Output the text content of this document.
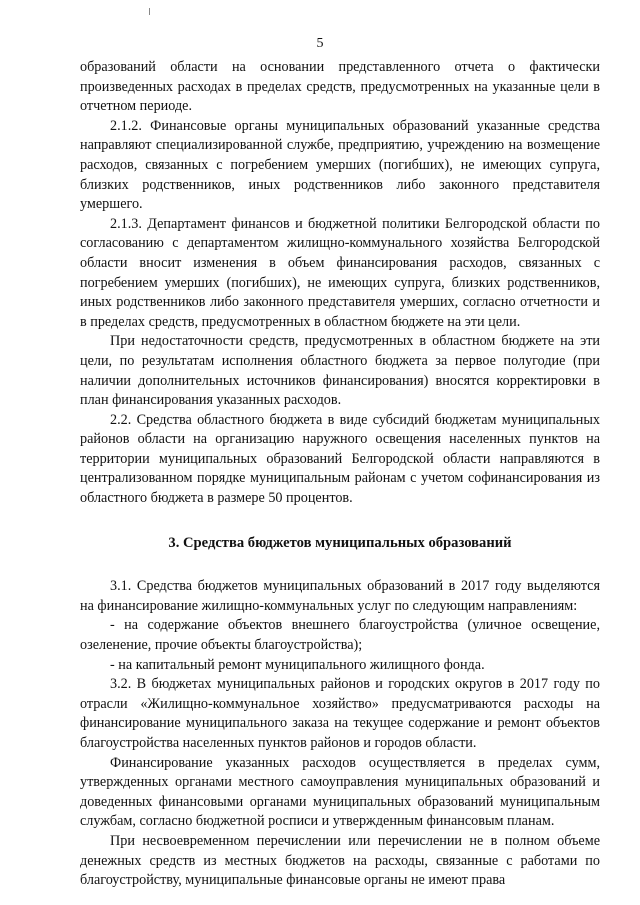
5

образований области на основании представленного отчета о фактически произведенных расходах в пределах средств, предусмотренных на указанные цели в отчетном периоде.

2.1.2. Финансовые органы муниципальных образований указанные средства направляют специализированной службе, предприятию, учреждению на возмещение расходов, связанных с погребением умерших (погибших), не имеющих супруга, близких родственников, иных родственников либо законного представителя умершего.

2.1.3. Департамент финансов и бюджетной политики Белгородской области по согласованию с департаментом жилищно-коммунального хозяйства Белгородской области вносит изменения в объем финансирования расходов, связанных с погребением умерших (погибших), не имеющих супруга, близких родственников, иных родственников либо законного представителя умерших, согласно отчетности и в пределах средств, предусмотренных в областном бюджете на эти цели.

При недостаточности средств, предусмотренных в областном бюджете на эти цели, по результатам исполнения областного бюджета за первое полугодие (при наличии дополнительных источников финансирования) вносятся корректировки в план финансирования указанных расходов.

2.2. Средства областного бюджета в виде субсидий бюджетам муниципальных районов области на организацию наружного освещения населенных пунктов на территории муниципальных образований Белгородской области направляются в централизованном порядке муниципальным районам с учетом софинансирования из областного бюджета в размере 50 процентов.

3. Средства бюджетов муниципальных образований

3.1. Средства бюджетов муниципальных образований в 2017 году выделяются на финансирование жилищно-коммунальных услуг по следующим направлениям:

- на содержание объектов внешнего благоустройства (уличное освещение, озеленение, прочие объекты благоустройства);

- на капитальный ремонт муниципального жилищного фонда.

3.2. В бюджетах муниципальных районов и городских округов в 2017 году по отрасли «Жилищно-коммунальное хозяйство» предусматриваются расходы на финансирование муниципального заказа на текущее содержание и ремонт объектов благоустройства населенных пунктов районов и городов области.

Финансирование указанных расходов осуществляется в пределах сумм, утвержденных органами местного самоуправления муниципальных образований и доведенных финансовыми органами муниципальных образований муниципальным службам, согласно бюджетной росписи и утвержденным финансовым планам.

При несвоевременном перечислении или перечислении не в полном объеме денежных средств из местных бюджетов на расходы, связанные с работами по благоустройству, муниципальные финансовые органы не имеют права
